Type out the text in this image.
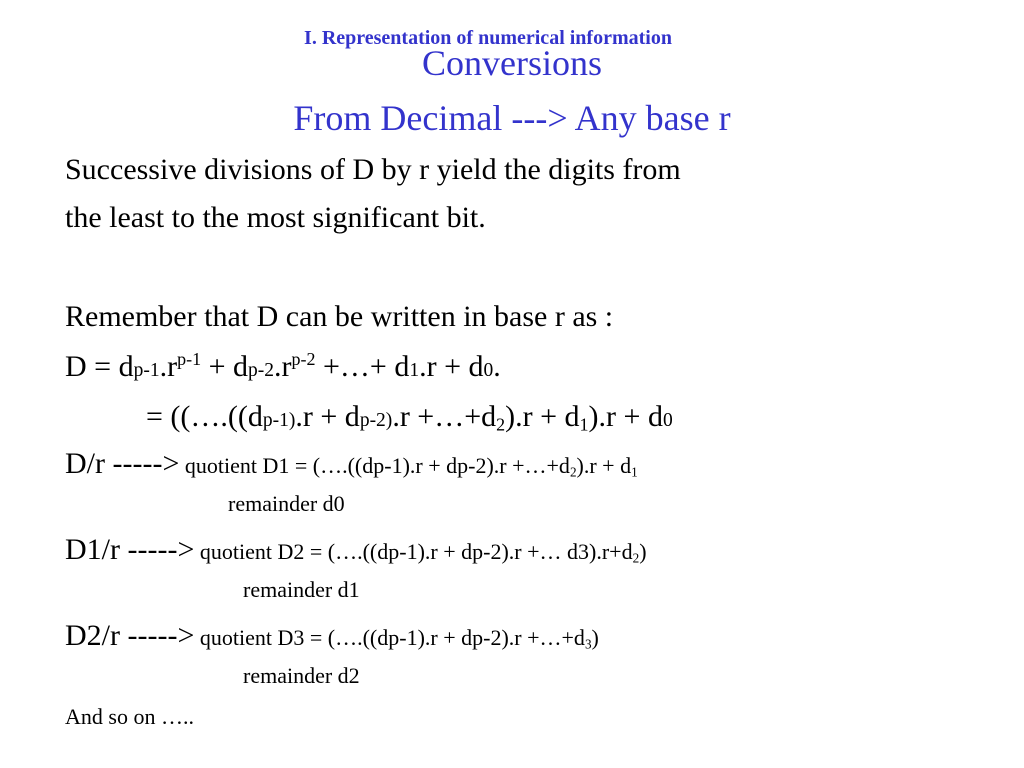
I. Representation of numerical information
Conversions
From Decimal ---> Any base r
Successive divisions of D by r yield the digits from
the least to the most significant bit.
Remember that D can be written in base r as :
$D = dp-1.r^{p-1} + dp-2.r^{p-2}$ +…+ d1.r + d0.
= ((….((dp-1).r + $dp-2).r +\dots+d_2).r + d_1).r + d0$
D/r -----> quotient D1 = (….((dp-1).r + $dp-2).r +\dots+d_2).r + d_1$
remainder d0
D1/r -----> quotient D2 = (….((dp-1).r + dp-2).r +… $d3).r+d_2$)
remainder d1
D2/r -----> quotient D3 = (….((dp-1).r + $dp-2).r +\dots+d_3$)
remainder d2
And so on …..
